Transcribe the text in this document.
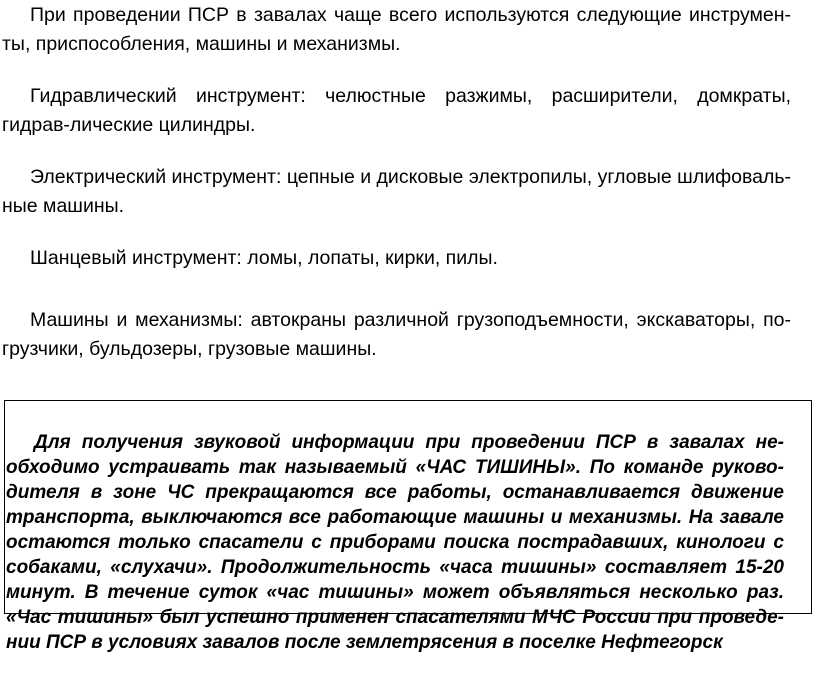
При проведении ПСР в завалах чаще всего используются следующие инструмен-ты, приспособления, машины и механизмы.

Гидравлический инструмент: челюстные разжимы, расширители, домкраты, гидрав-лические цилиндры.

Электрический инструмент: цепные и дисковые электропилы, угловые шлифоваль-ные машины.

Шанцевый инструмент: ломы, лопаты, кирки, пилы.

Машины и механизмы: автокраны различной грузоподъемности, экскаваторы, по-грузчики, бульдозеры, грузовые машины.

Для получения звуковой информации при проведении ПСР в завалах не-обходимо устраивать так называемый «ЧАС ТИШИНЫ». По команде руково-дителя в зоне ЧС прекращаются все работы, останавливается движение транспорта, выключаются все работающие машины и механизмы. На завале остаются только спасатели с приборами поиска пострадавших, кинологи с собаками, «слухачи». Продолжительность «часа тишины» составляет 15-20 минут. В течение суток «час тишины» может объявляться несколько раз. «Час тишины» был успешно применен спасателями МЧС России при проведе-нии ПСР в условиях завалов после землетрясения в поселке Нефтегорск
